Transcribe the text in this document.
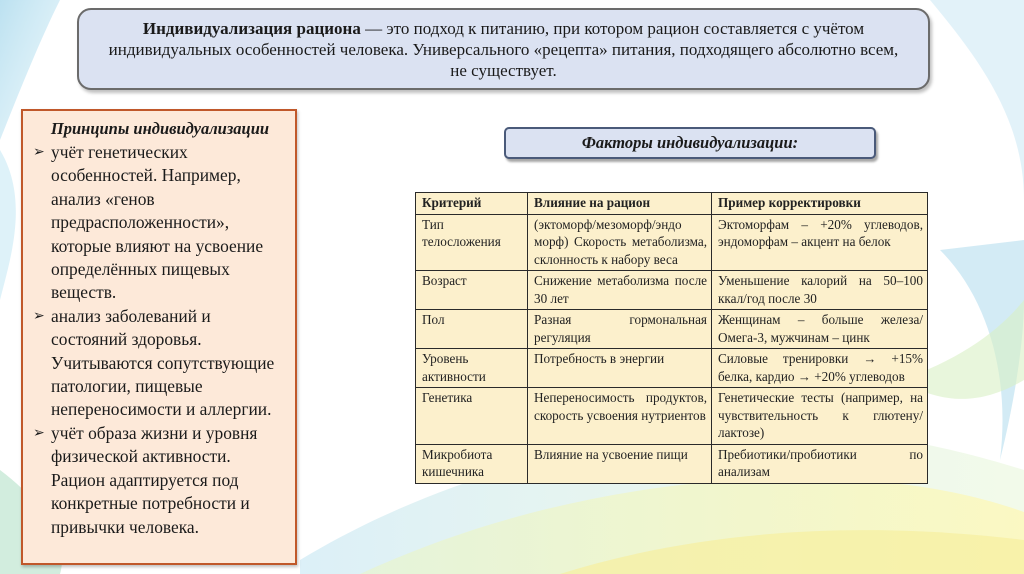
Индивидуализация рациона — это подход к питанию, при котором рацион составляется с учётом индивидуальных особенностей человека. Универсального «рецепта» питания, подходящего абсолютно всем, не существует.
Принципы индивидуализации
➢ учёт генетических особенностей. Например, анализ «генов предрасположенности», которые влияют на усвоение определённых пищевых веществ.
➢ анализ заболеваний и состояний здоровья. Учитываются сопутствующие патологии, пищевые непереносимости и аллергии.
➢ учёт образа жизни и уровня физической активности. Рацион адаптируется под конкретные потребности и привычки человека.
Факторы индивидуализации:
Критерий	Влияние на рацион	Пример корректировки
Тип телосложения	(эктоморф/мезоморф/эндо морф) Скорость метаболизма, склонность к набору веса	Эктоморфам – +20% углеводов, эндоморфам – акцент на белок
Возраст	Снижение метаболизма после 30 лет	Уменьшение калорий на 50–100 ккал/год после 30
Пол	Разная гормональная регуляция	Женщинам – больше железа/Омега-3, мужчинам – цинк
Уровень активности	Потребность в энергии	Силовые тренировки → +15% белка, кардио → +20% углеводов
Генетика	Непереносимость продуктов, скорость усвоения нутриентов	Генетические тесты (например, на чувствительность к глютену/лактозе)
Микробиота кишечника	Влияние на усвоение пищи	Пребиотики/пробиотики по анализам
